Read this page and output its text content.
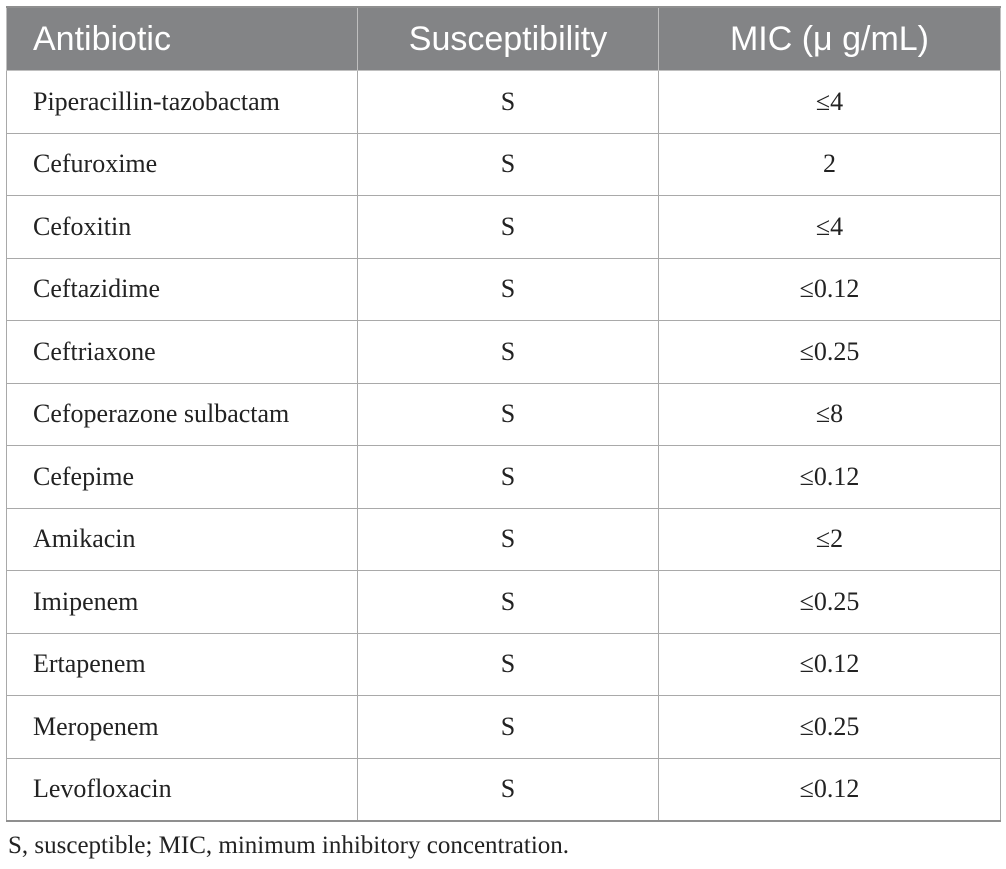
Antibiotic	Susceptibility	MIC (μ g/mL)
Piperacillin-tazobactam	S	≤4
Cefuroxime	S	2
Cefoxitin	S	≤4
Ceftazidime	S	≤0.12
Ceftriaxone	S	≤0.25
Cefoperazone sulbactam	S	≤8
Cefepime	S	≤0.12
Amikacin	S	≤2
Imipenem	S	≤0.25
Ertapenem	S	≤0.12
Meropenem	S	≤0.25
Levofloxacin	S	≤0.12

S, susceptible; MIC, minimum inhibitory concentration.
